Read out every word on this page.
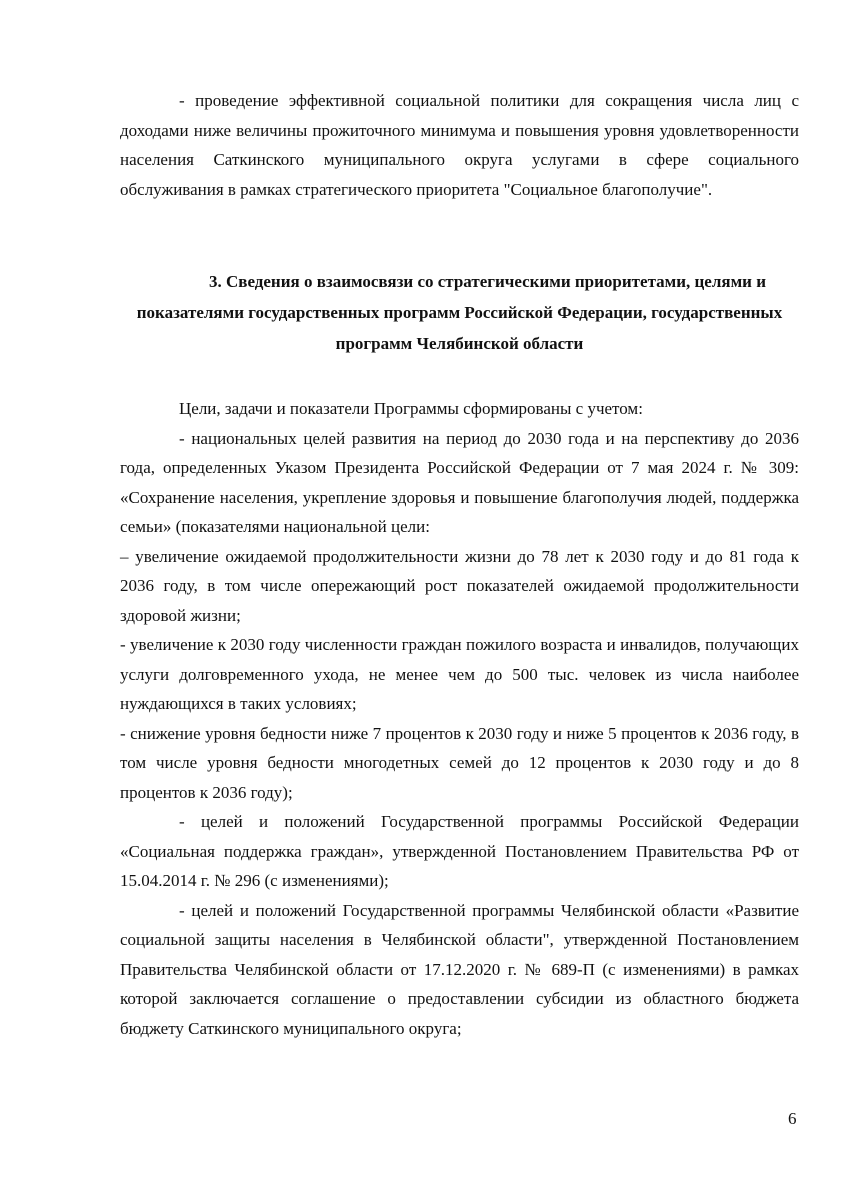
- проведение эффективной социальной политики для сокращения числа лиц с доходами ниже величины прожиточного минимума и повышения уровня удовлетворенности населения Саткинского муниципального округа услугами в сфере социального обслуживания в рамках стратегического приоритета "Социальное благополучие".

3. Сведения о взаимосвязи со стратегическими приоритетами, целями и
показателями государственных программ Российской Федерации, государственных
программ Челябинской области

Цели, задачи и показатели Программы сформированы с учетом:

- национальных целей развития на период до 2030 года и на перспективу до 2036 года, определенных Указом Президента Российской Федерации от 7 мая 2024 г. № 309: «Сохранение населения, укрепление здоровья и повышение благополучия людей, поддержка семьи» (показателями национальной цели:

– увеличение ожидаемой продолжительности жизни до 78 лет к 2030 году и до 81 года к 2036 году, в том числе опережающий рост показателей ожидаемой продолжительности здоровой жизни;

- увеличение к 2030 году численности граждан пожилого возраста и инвалидов, получающих услуги долговременного ухода, не менее чем до 500 тыс. человек из числа наиболее нуждающихся в таких условиях;

- снижение уровня бедности ниже 7 процентов к 2030 году и ниже 5 процентов к 2036 году, в том числе уровня бедности многодетных семей до 12 процентов к 2030 году и до 8 процентов к 2036 году);

- целей и положений Государственной программы Российской Федерации «Социальная поддержка граждан», утвержденной Постановлением Правительства РФ от 15.04.2014 г. № 296 (с изменениями);

- целей и положений Государственной программы Челябинской области «Развитие социальной защиты населения в Челябинской области", утвержденной Постановлением Правительства Челябинской области от 17.12.2020 г. № 689-П (с изменениями) в рамках которой заключается соглашение о предоставлении субсидии из областного бюджета бюджету Саткинского муниципального округа;

6
